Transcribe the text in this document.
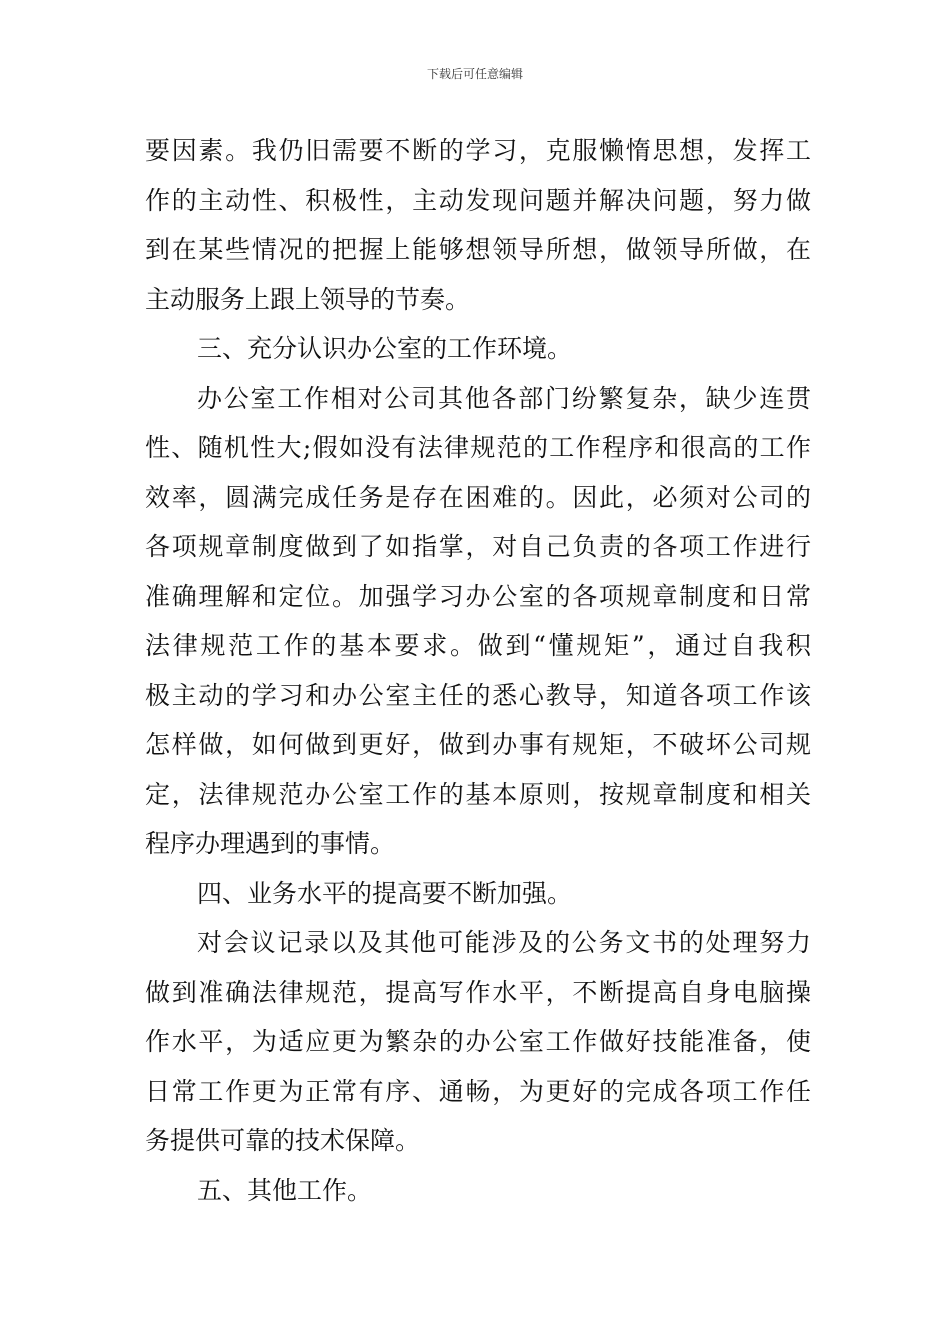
下载后可任意编辑
要因素。我仍旧需要不断的学习，克服懒惰思想，发挥工
作的主动性、积极性，主动发现问题并解决问题，努力做
到在某些情况的把握上能够想领导所想，做领导所做，在
主动服务上跟上领导的节奏。
三、充分认识办公室的工作环境。
办公室工作相对公司其他各部门纷繁复杂，缺少连贯
性、随机性大;假如没有法律规范的工作程序和很高的工作
效率，圆满完成任务是存在困难的。因此，必须对公司的
各项规章制度做到了如指掌，对自己负责的各项工作进行
准确理解和定位。加强学习办公室的各项规章制度和日常
法律规范工作的基本要求。做到“懂规矩”，通过自我积
极主动的学习和办公室主任的悉心教导，知道各项工作该
怎样做，如何做到更好，做到办事有规矩，不破坏公司规
定，法律规范办公室工作的基本原则，按规章制度和相关
程序办理遇到的事情。
四、业务水平的提高要不断加强。
对会议记录以及其他可能涉及的公务文书的处理努力
做到准确法律规范，提高写作水平，不断提高自身电脑操
作水平，为适应更为繁杂的办公室工作做好技能准备，使
日常工作更为正常有序、通畅，为更好的完成各项工作任
务提供可靠的技术保障。
五、其他工作。
